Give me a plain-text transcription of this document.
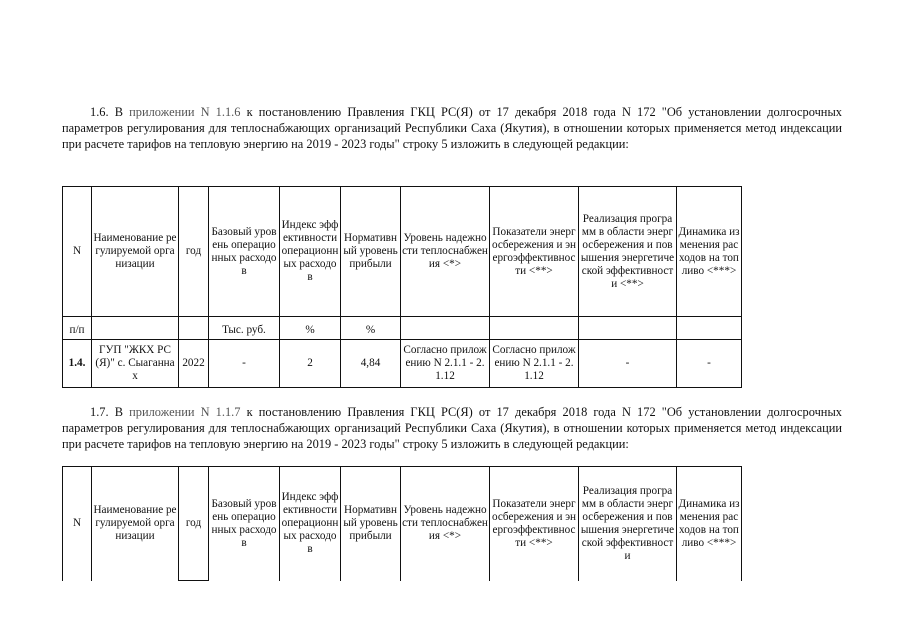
1.6. В приложении N 1.1.6 к постановлению Правления ГКЦ РС(Я) от 17 декабря 2018 года N 172 "Об установлении долгосрочных параметров регулирования для теплоснабжающих организаций Республики Саха (Якутия), в отношении которых применяется метод индексации при расчете тарифов на тепловую энергию на 2019 - 2023 годы" строку 5 изложить в следующей редакции:

N	Наименование регулируемой организации	год	Базовый уровень операционных расходов	Индекс эффективности операционных расходов	Нормативный уровень прибыли	Уровень надежности теплоснабжения <*>	Показатели энергосбережения и энергоэффективности <**>	Реализация программ в области энергосбережения и повышения энергетической эффективности <**>	Динамика изменения расходов на топливо <***>
п/п			Тыс. руб.	%	%				
1.4.	ГУП "ЖКХ РС(Я)" с. Сыаганнах	2022	-	2	4,84	Согласно приложению N 2.1.1 - 2.1.12	Согласно приложению N 2.1.1 - 2.1.12	-	-

1.7. В приложении N 1.1.7 к постановлению Правления ГКЦ РС(Я) от 17 декабря 2018 года N 172 "Об установлении долгосрочных параметров регулирования для теплоснабжающих организаций Республики Саха (Якутия), в отношении которых применяется метод индексации при расчете тарифов на тепловую энергию на 2019 - 2023 годы" строку 5 изложить в следующей редакции:

N	Наименование регулируемой организации	год	Базовый уровень операционных расходов	Индекс эффективности операционных расходов	Нормативный уровень прибыли	Уровень надежности теплоснабжения <*>	Показатели энергосбережения и энергоэффективности <**>	Реализация программ в области энергосбережения и повышения энергетической эффективности	Динамика изменения расходов на топливо <***>
